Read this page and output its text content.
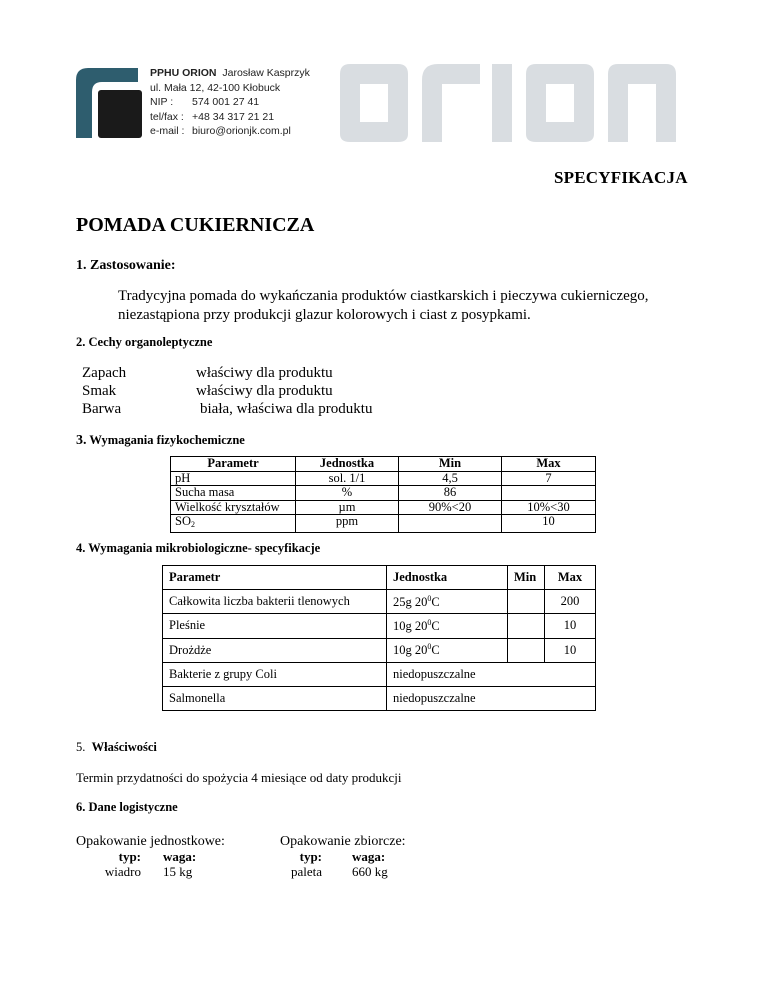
PPHU ORION Jarosław Kasprzyk
ul. Mała 12, 42-100 Kłobuck
NIP : 574 001 27 41
tel/fax : +48 34 317 21 21
e-mail : biuro@orionjk.com.pl
SPECYFIKACJA
POMADA CUKIERNICZA
1. Zastosowanie:
Tradycyjna pomada do wykańczania produktów ciastkarskich i pieczywa cukierniczego,
niezastąpiona przy produkcji glazur kolorowych i ciast z posypkami.
2. Cechy organoleptyczne
Zapach	właściwy dla produktu
Smak	właściwy dla produktu
Barwa	biała, właściwa dla produktu
3. Wymagania fizykochemiczne
Parametr	Jednostka	Min	Max
pH	sol. 1/1	4,5	7
Sucha masa	%	86	
Wielkość kryształów	µm	90%<20	10%<30
$SO_2$	ppm		10
4. Wymagania mikrobiologiczne- specyfikacje
Parametr	Jednostka	Min	Max
Całkowita liczba bakterii tlenowych	25g $20^0C$		200
Pleśnie	10g $20^0C$		10
Drożdże	10g $20^0C$		10
Bakterie z grupy Coli	niedopuszczalne		
Salmonella	niedopuszczalne		
5. Właściwości
Termin przydatności do spożycia 4 miesiące od daty produkcji
6. Dane logistyczne
Opakowanie jednostkowe:
typ:	waga:
wiadro	15 kg
Opakowanie zbiorcze:
typ:	waga:
paleta	660 kg
